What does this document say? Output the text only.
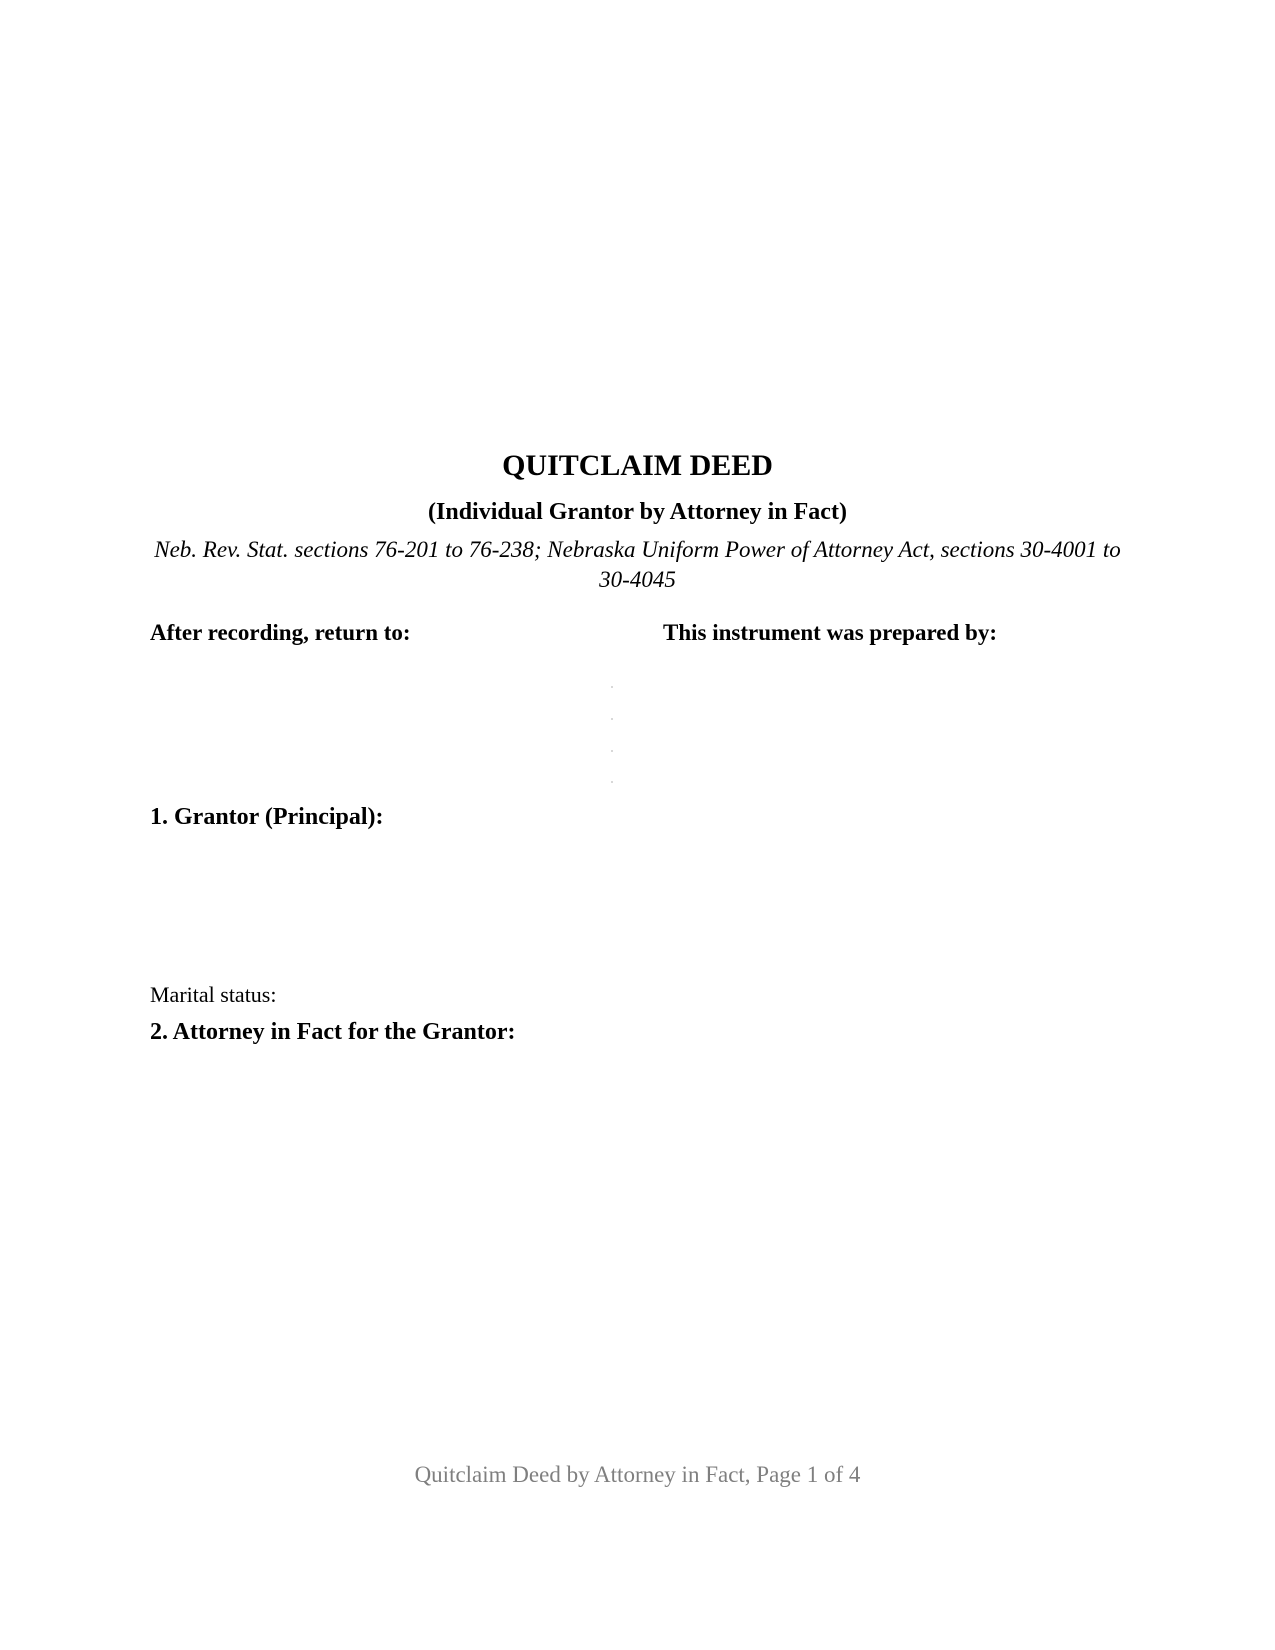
QUITCLAIM DEED
(Individual Grantor by Attorney in Fact)
Neb. Rev. Stat. sections 76-201 to 76-238; Nebraska Uniform Power of Attorney Act, sections 30-4001 to 30-4045
After recording, return to:	This instrument was prepared by:
1. Grantor (Principal):
Marital status:
2. Attorney in Fact for the Grantor:
Quitclaim Deed by Attorney in Fact, Page 1 of 4
